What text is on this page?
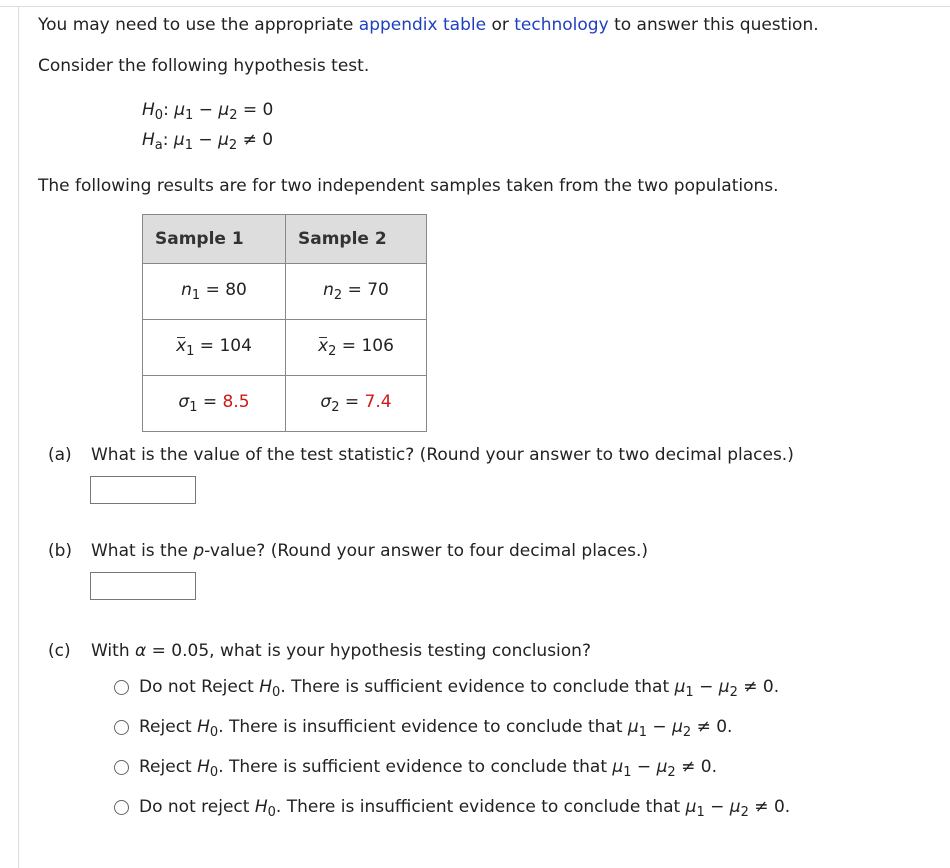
You may need to use the appropriate appendix table or technology to answer this question.
Consider the following hypothesis test.
$H_0$: $\mu_1 - \mu_2 = 0$
$H_a$: $\mu_1 - \mu_2 \ne 0$
The following results are for two independent samples taken from the two populations.
Sample 1	Sample 2
$n_1 = 80$	$n_2 = 70$
$x_1 = 104$	$x_2 = 106$
$\sigma_1 = 8.5$	$\sigma_2 = 7.4$
(a) What is the value of the test statistic? (Round your answer to two decimal places.)
(b) What is the p-value? (Round your answer to four decimal places.)
(c) With α = 0.05, what is your hypothesis testing conclusion?
Do not Reject $H_0$. There is sufficient evidence to conclude that $\mu_1 - \mu_2 \ne 0$.
Reject $H_0$. There is insufficient evidence to conclude that $\mu_1 - \mu_2 \ne 0$.
Reject $H_0$. There is sufficient evidence to conclude that $\mu_1 - \mu_2 \ne 0$.
Do not reject $H_0$. There is insufficient evidence to conclude that $\mu_1 - \mu_2 \ne 0$.
